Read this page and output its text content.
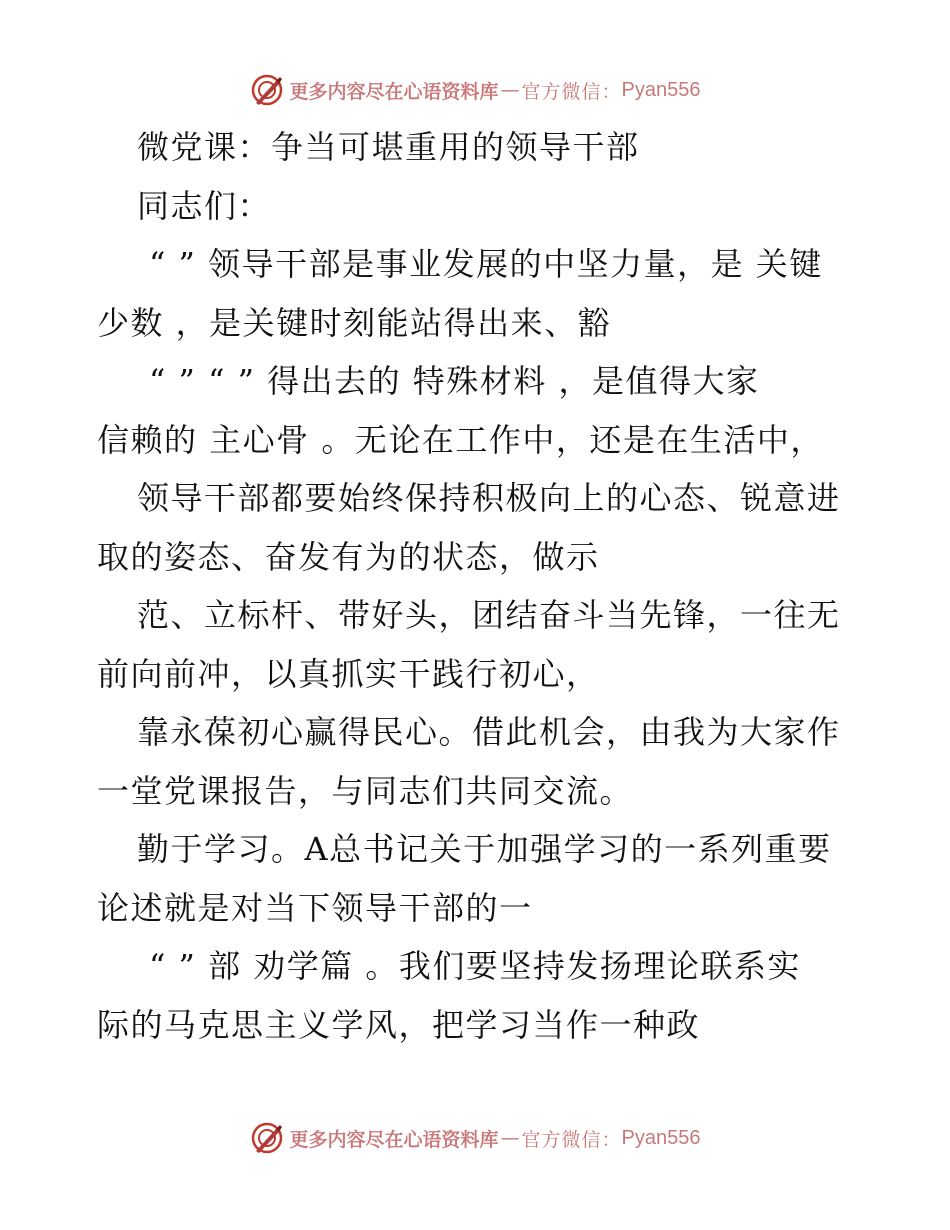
更多内容尽在心语资料库 — 官方微信： Pyan556
微党课：争当可堪重用的领导干部
同志们：
“ ” 领导干部是事业发展的中坚力量，是 关键
少数 ，是关键时刻能站得出来、豁
“ ” “ ” 得出去的 特殊材料 ，是值得大家
信赖的 主心骨 。无论在工作中，还是在生活中，
领导干部都要始终保持积极向上的心态、锐意进
取的姿态、奋发有为的状态，做示
范、立标杆、带好头，团结奋斗当先锋，一往无
前向前冲，以真抓实干践行初心，
靠永葆初心赢得民心。借此机会，由我为大家作
一堂党课报告，与同志们共同交流。
勤于学习。A总书记关于加强学习的一系列重要
论述就是对当下领导干部的一
“ ” 部 劝学篇 。我们要坚持发扬理论联系实
际的马克思主义学风，把学习当作一种政
更多内容尽在心语资料库 — 官方微信： Pyan556
